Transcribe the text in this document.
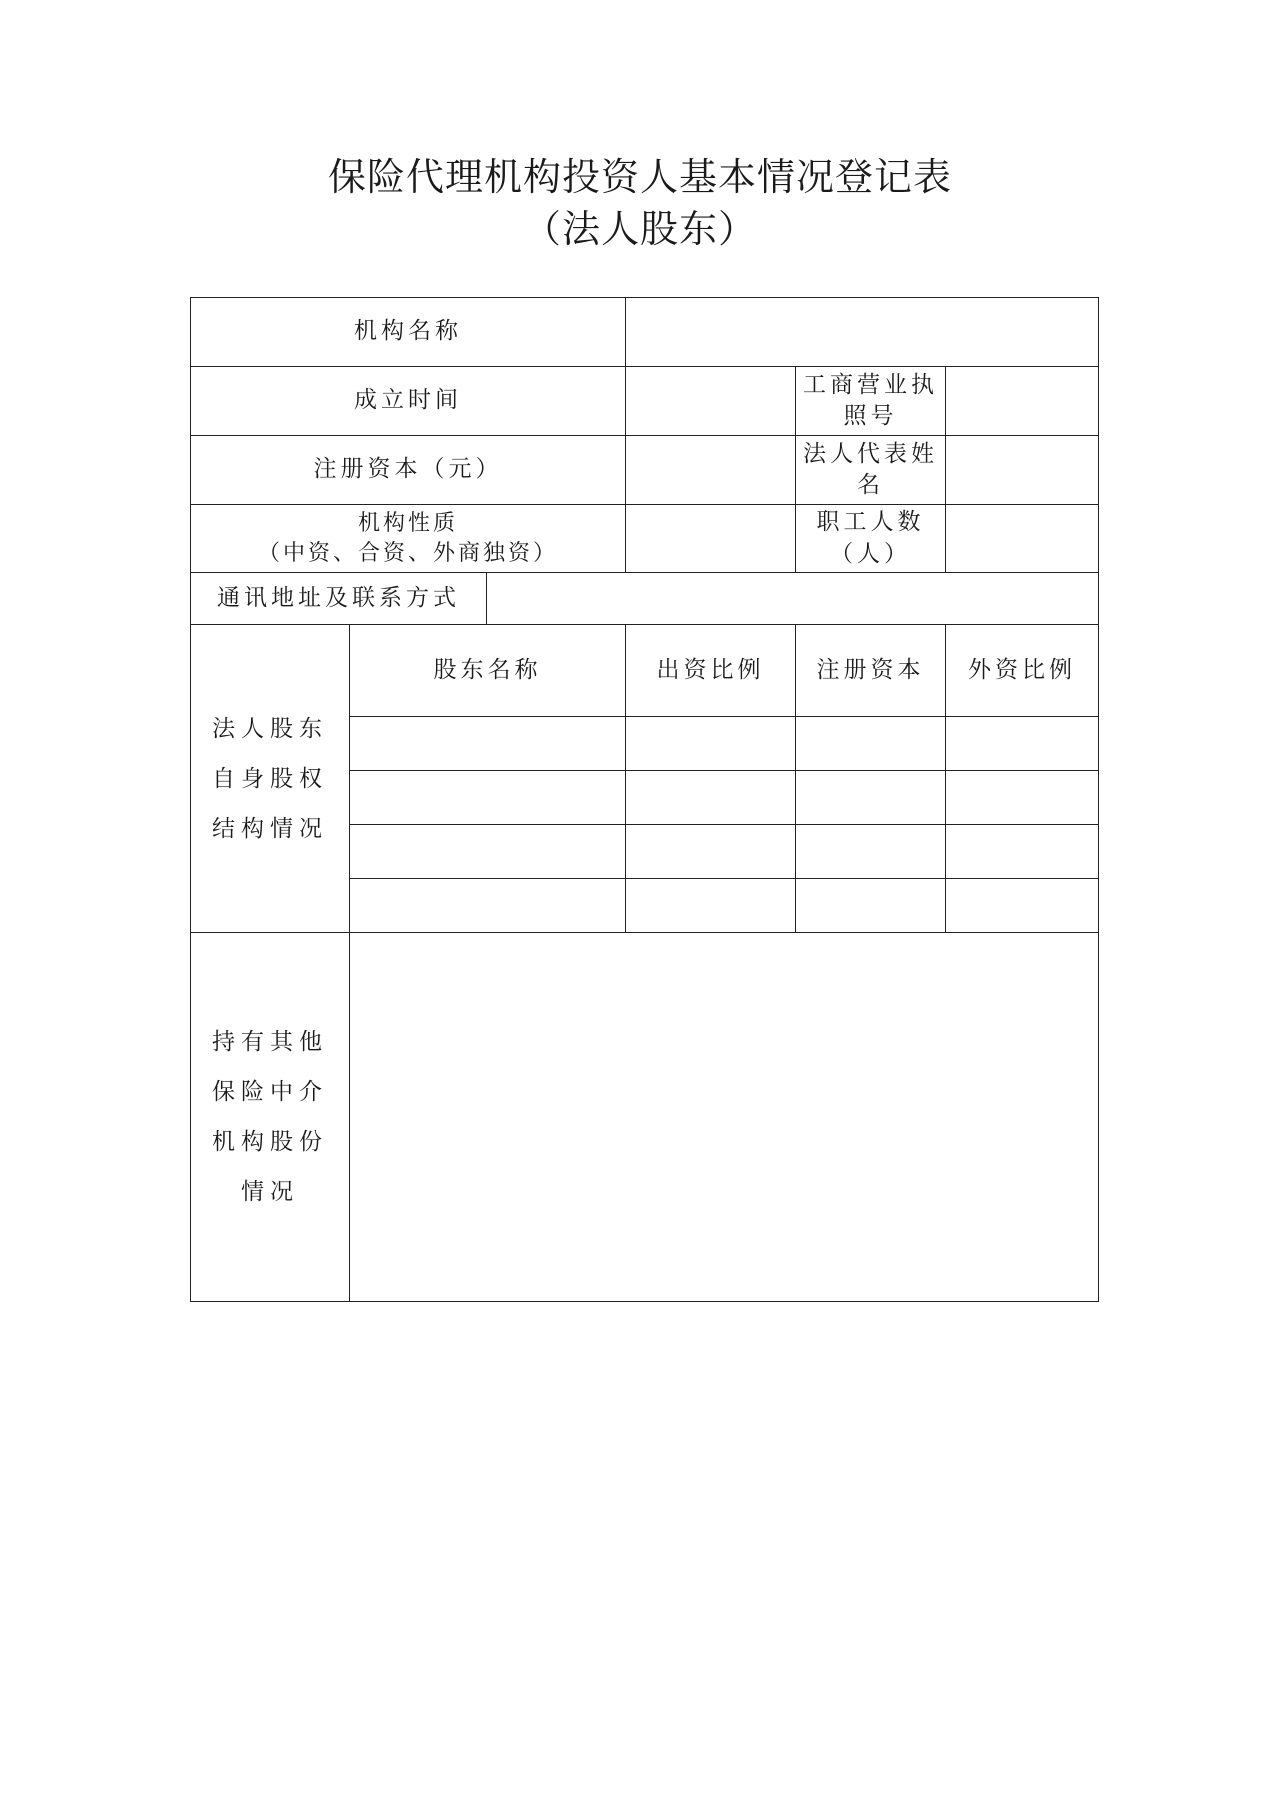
保险代理机构投资人基本情况登记表
（法人股东）
机构名称					
成立时间				工商营业执照号	
注册资本（元）				法人代表姓名	

机构性质
（中资、合资、外商独资）				职工人数（人）	
通讯地址及联系方式					
法人股东自身股权结构情况	股东名称		出资比例	注册资本	外资比例

持有其他保险中介机构股份情况					
